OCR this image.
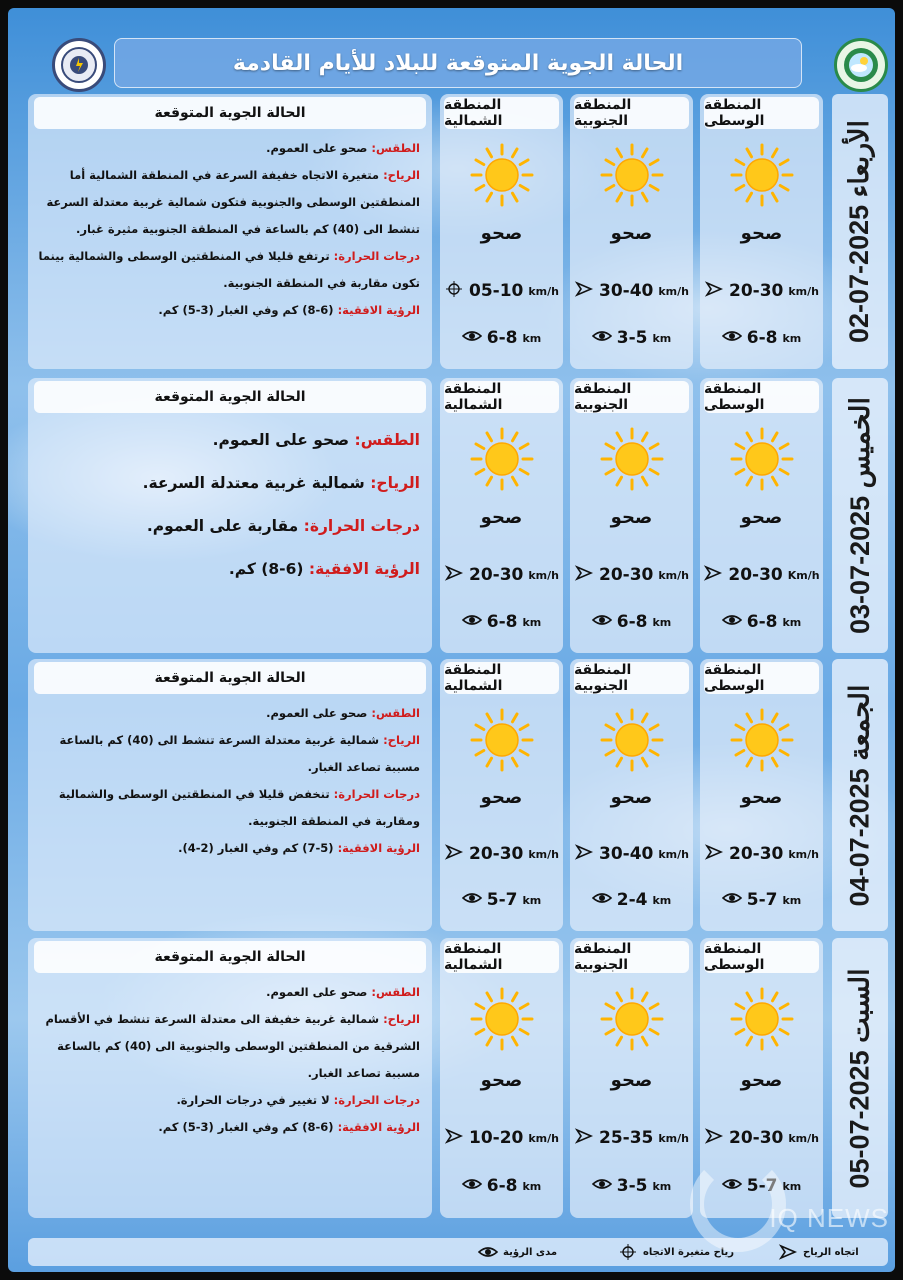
الحالة الجوية المتوقعة للبلاد للأيام القادمة
الحالة الجوية المتوقعة

الطقس: صحو على العموم.

الرياح: متغيرة الاتجاه خفيفة السرعة في المنطقة الشمالية أما المنطقتين الوسطى والجنوبية فتكون شمالية غربية معتدلة السرعة تنشط الى (40) كم بالساعة في المنطقة الجنوبية مثيرة غبار.

درجات الحرارة: ترتفع قليلا في المنطقتين الوسطى والشمالية بينما تكون مقاربة في المنطقة الجنوبية.

الرؤية الافقية: (6-8) كم وفي الغبار (3-5) كم.

المنطقة الشمالية
صحو
05-10 km/h
6-8 km
المنطقة الجنوبية
صحو
30-40 km/h
3-5 km
المنطقة الوسطى
صحو
20-30 km/h
6-8 km الأربعاء 2025-07-02
الحالة الجوية المتوقعة

الطقس: صحو على العموم.

الرياح: شمالية غربية معتدلة السرعة.

درجات الحرارة: مقاربة على العموم.

الرؤية الافقية: (6-8) كم.

المنطقة الشمالية
صحو
20-30 km/h
6-8 km
المنطقة الجنوبية
صحو
20-30 km/h
6-8 km
المنطقة الوسطى
صحو
20-30 Km/h
6-8 km الخميس 2025-07-03
الحالة الجوية المتوقعة

الطقس: صحو على العموم.

الرياح: شمالية غربية معتدلة السرعة تنشط الى (40) كم بالساعة مسببة تصاعد الغبار.

درجات الحرارة: تنخفض قليلا في المنطقتين الوسطى والشمالية ومقاربة في المنطقة الجنوبية.

الرؤية الافقية: (5-7) كم وفي الغبار (2-4).

المنطقة الشمالية
صحو
20-30 km/h
5-7 km
المنطقة الجنوبية
صحو
30-40 km/h
2-4 km
المنطقة الوسطى
صحو
20-30 km/h
5-7 km الجمعة 2025-07-04
الحالة الجوية المتوقعة

الطقس: صحو على العموم.

الرياح: شمالية غربية خفيفة الى معتدلة السرعة تنشط في الأقسام الشرقية من المنطقتين الوسطى والجنوبية الى (40) كم بالساعة مسببة تصاعد الغبار.

درجات الحرارة: لا تغيير في درجات الحرارة.

الرؤية الافقية: (6-8) كم وفي الغبار (3-5) كم.

المنطقة الشمالية
صحو
10-20 km/h
6-8 km
المنطقة الجنوبية
صحو
25-35 km/h
3-5 km
المنطقة الوسطى
صحو
20-30 km/h
5-7 km السبت 2025-07-05
اتجاه الرياح
رياح متغيرة الاتجاه
مدى الرؤية
IQ NEWS
